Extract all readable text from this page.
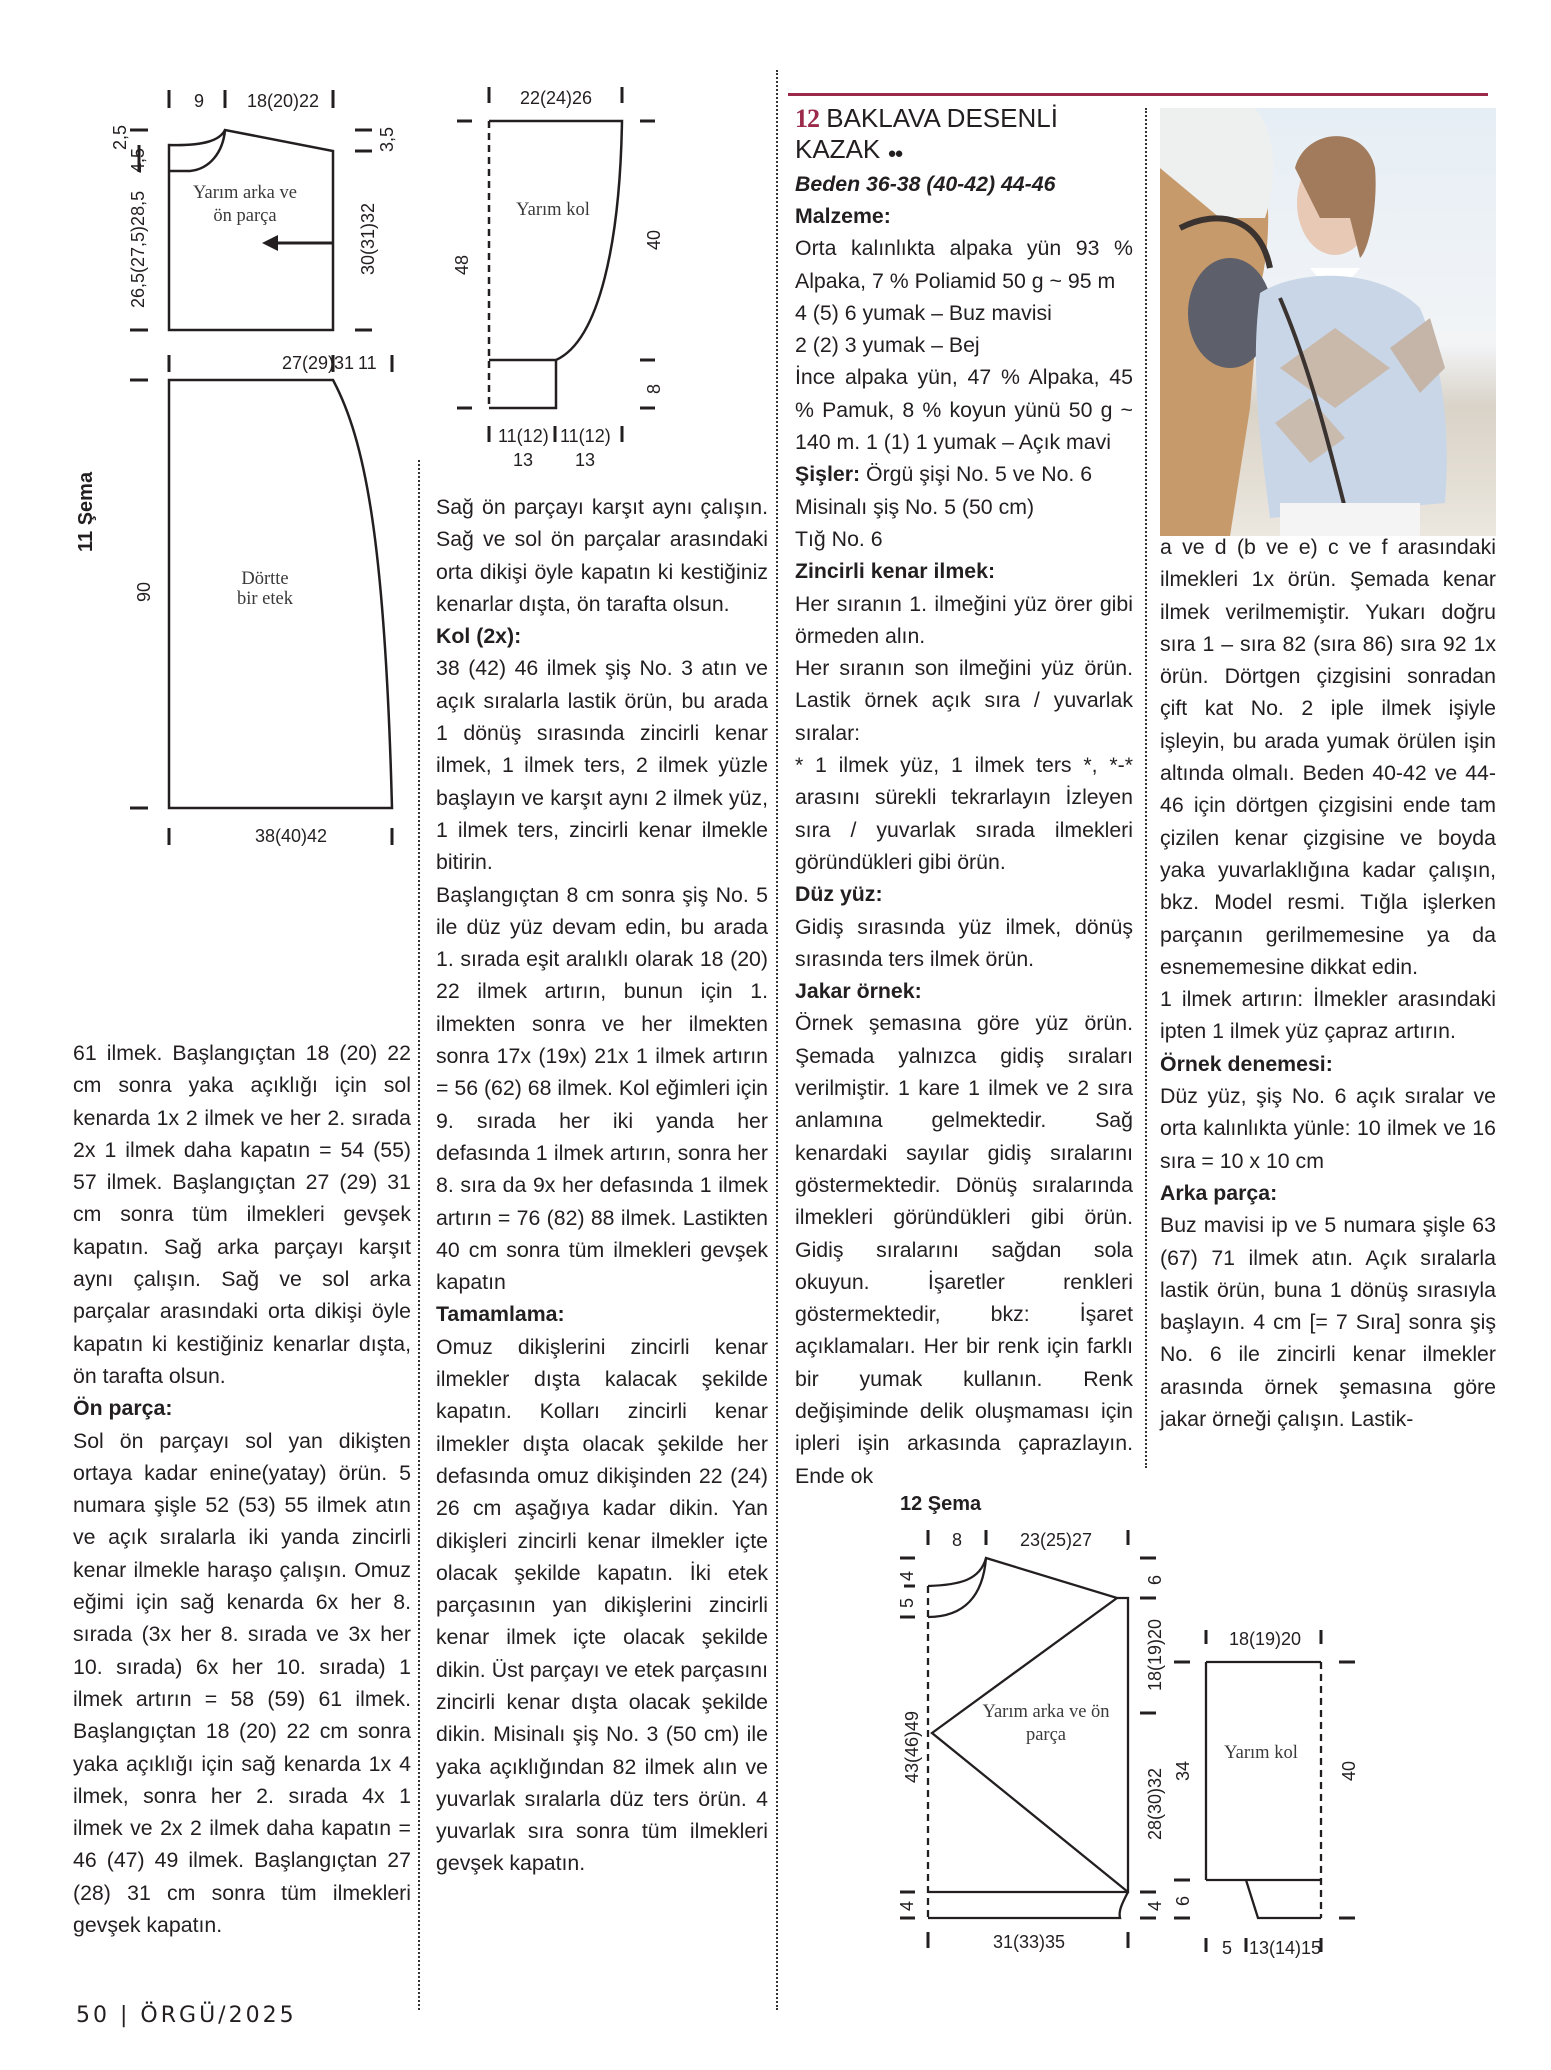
9 18(20)22
27(29)31 11
2,5
4,5
26,5(27,5)28,5
3,5
30(31)32
Yarım arka ve
ön parça
11 Şema
90
38(40)42
Dörtte
bir etek
22(24)26
48
40
8
11(12)
13
11(12)
13
Yarım kol

61 ilmek. Başlangıçtan 18 (20) 22 cm sonra yaka açıklığı için sol kenarda 1x 2 ilmek ve her 2. sırada 2x 1 ilmek daha kapatın = 54 (55) 57 ilmek. Başlangıçtan 27 (29) 31 cm sonra tüm ilmekleri gevşek kapatın. Sağ arka parçayı karşıt aynı çalışın. Sağ ve sol arka parçalar arasındaki orta dikişi öyle kapatın ki kestiğiniz kenarlar dışta, ön tarafta olsun.

Ön parça:

Sol ön parçayı sol yan dikişten ortaya kadar enine(yatay) örün. 5 numara şişle 52 (53) 55 ilmek atın ve açık sıralarla iki yanda zincirli kenar ilmekle haraşo çalışın. Omuz eğimi için sağ kenarda 6x her 8. sırada (3x her 8. sırada ve 3x her 10. sırada) 6x her 10. sırada) 1 ilmek artırın = 58 (59) 61 ilmek. Başlangıçtan 18 (20) 22 cm sonra yaka açıklığı için sağ kenarda 1x 4 ilmek, sonra her 2. sırada 4x 1 ilmek ve 2x 2 ilmek daha kapatın = 46 (47) 49 ilmek. Başlangıçtan 27 (28) 31 cm sonra tüm ilmekleri gevşek kapatın.

Sağ ön parçayı karşıt aynı çalışın. Sağ ve sol ön parçalar arasındaki orta dikişi öyle kapatın ki kestiğiniz kenarlar dışta, ön tarafta olsun.

Kol (2x):

38 (42) 46 ilmek şiş No. 3 atın ve açık sıralarla lastik örün, bu arada 1 dönüş sırasında zincirli kenar ilmek, 1 ilmek ters, 2 ilmek yüzle başlayın ve karşıt aynı 2 ilmek yüz, 1 ilmek ters, zincirli kenar ilmekle bitirin.

Başlangıçtan 8 cm sonra şiş No. 5 ile düz yüz devam edin, bu arada 1. sırada eşit aralıklı olarak 18 (20) 22 ilmek artırın, bunun için 1. ilmekten sonra ve her ilmekten sonra 17x (19x) 21x 1 ilmek artırın = 56 (62) 68 ilmek. Kol eğimleri için 9. sırada her iki yanda her defasında 1 ilmek artırın, sonra her 8. sıra da 9x her defasında 1 ilmek artırın = 76 (82) 88 ilmek. Lastikten 40 cm sonra tüm ilmekleri gevşek kapatın

Tamamlama:

Omuz dikişlerini zincirli kenar ilmekler dışta kalacak şekilde kapatın. Kolları zincirli kenar ilmekler dışta olacak şekilde her defasında omuz dikişinden 22 (24) 26 cm aşağıya kadar dikin. Yan dikişleri zincirli kenar ilmekler içte olacak şekilde kapatın. İki etek parçasının yan dikişlerini zincirli kenar ilmek içte olacak şekilde dikin. Üst parçayı ve etek parçasını zincirli kenar dışta olacak şekilde dikin. Misinalı şiş No. 3 (50 cm) ile yaka açıklığından 82 ilmek alın ve yuvarlak sıralarla düz ters örün. 4 yuvarlak sıra sonra tüm ilmekleri gevşek kapatın.

12 BAKLAVA DESENLİ
KAZAK ●●
Beden 36-38 (40-42) 44-46

Malzeme:

Orta kalınlıkta alpaka yün 93 % Alpaka, 7 % Poliamid 50 g ~ 95 m

4 (5) 6 yumak – Buz mavisi

2 (2) 3 yumak – Bej

İnce alpaka yün, 47 % Alpaka, 45 % Pamuk, 8 % koyun yünü 50 g ~ 140 m. 1 (1) 1 yumak – Açık mavi

Şişler: Örgü şişi No. 5 ve No. 6

Misinalı şiş No. 5 (50 cm)

Tığ No. 6

Zincirli kenar ilmek:

Her sıranın 1. ilmeğini yüz örer gibi örmeden alın.

Her sıranın son ilmeğini yüz örün. Lastik örnek açık sıra / yuvarlak sıralar:

* 1 ilmek yüz, 1 ilmek ters *, *-* arasını sürekli tekrarlayın İzleyen sıra / yuvarlak sırada ilmekleri göründükleri gibi örün.

Düz yüz:

Gidiş sırasında yüz ilmek, dönüş sırasında ters ilmek örün.

Jakar örnek:

Örnek şemasına göre yüz örün. Şemada yalnızca gidiş sıraları verilmiştir. 1 kare 1 ilmek ve 2 sıra anlamına gelmektedir. Sağ kenardaki sayılar gidiş sıralarını göstermektedir. Dönüş sıralarında ilmekleri göründükleri gibi örün. Gidiş sıralarını sağdan sola okuyun. İşaretler renkleri göstermektedir, bkz: İşaret açıklamaları. Her bir renk için farklı bir yumak kullanın. Renk değişiminde delik oluşmaması için ipleri işin arkasında çaprazlayın. Ende ok

a ve d (b ve e) c ve f arasındaki ilmekleri 1x örün. Şemada kenar ilmek verilmemiştir. Yukarı doğru sıra 1 – sıra 82 (sıra 86) sıra 92 1x örün. Dörtgen çizgisini sonradan çift kat No. 2 iple ilmek işiyle işleyin, bu arada yumak örülen işin altında olmalı. Beden 40-42 ve 44-46 için dörtgen çizgisini ende tam çizilen kenar çizgisine ve boyda yaka yuvarlaklığına kadar çalışın, bkz. Model resmi. Tığla işlerken parçanın gerilmemesine ya da esnememesine dikkat edin.

1 ilmek artırın: İlmekler arasındaki ipten 1 ilmek yüz çapraz artırın.

Örnek denemesi:

Düz yüz, şiş No. 6 açık sıralar ve orta kalınlıkta yünle: 10 ilmek ve 16 sıra = 10 x 10 cm

Arka parça:

Buz mavisi ip ve 5 numara şişle 63 (67) 71 ilmek atın. Açık sıralarla lastik örün, buna 1 dönüş sırasıyla başlayın. 4 cm [= 7 Sıra] sonra şiş No. 6 ile zincirli kenar ilmekler arasında örnek şemasına göre jakar örneği çalışın. Lastik-

12 Şema
8	23(25)27
4
5
43(46)49
4
6
18(19)20
28(30)32
4
31(33)35
Yarım arka ve ön
parça
18(19)20
34
6
40
5 13(14)15
Yarım kol
50 | ÖRGÜ/2025
